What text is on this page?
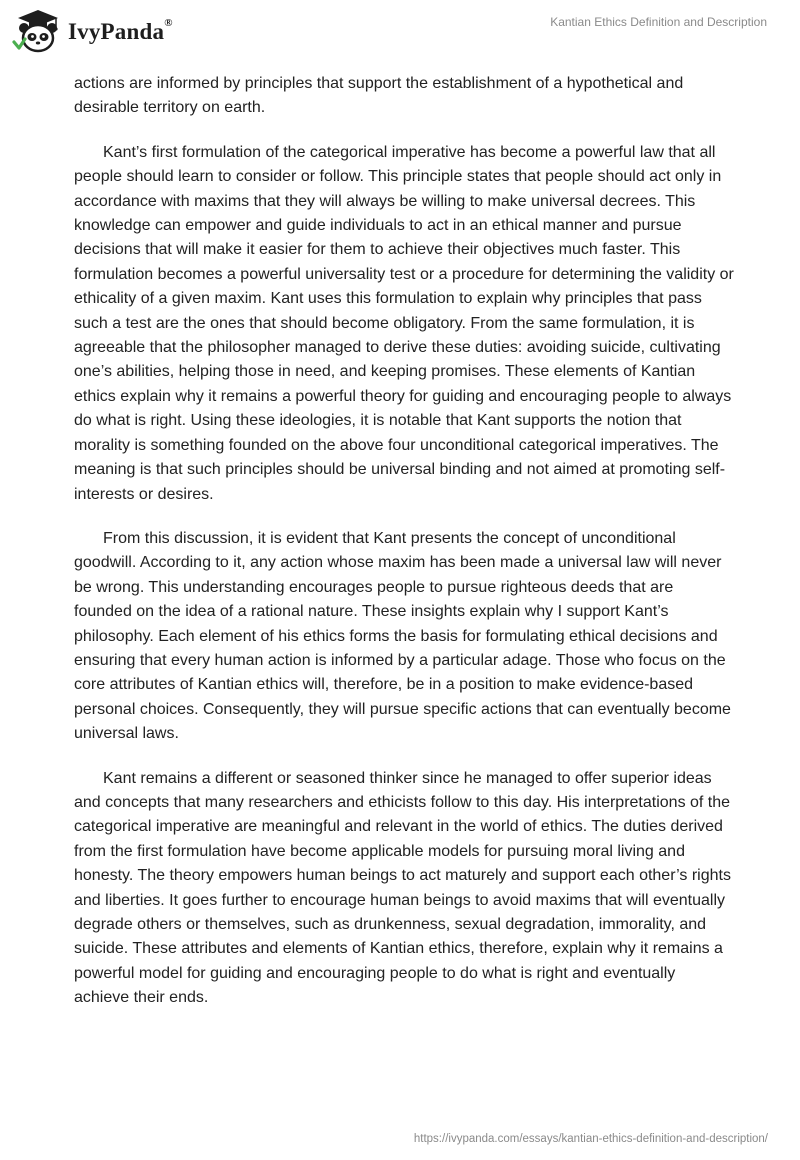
IvyPanda®	Kantian Ethics Definition and Description

actions are informed by principles that support the establishment of a hypothetical and desirable territory on earth.

Kant’s first formulation of the categorical imperative has become a powerful law that all people should learn to consider or follow. This principle states that people should act only in accordance with maxims that they will always be willing to make universal decrees. This knowledge can empower and guide individuals to act in an ethical manner and pursue decisions that will make it easier for them to achieve their objectives much faster. This formulation becomes a powerful universality test or a procedure for determining the validity or ethicality of a given maxim. Kant uses this formulation to explain why principles that pass such a test are the ones that should become obligatory. From the same formulation, it is agreeable that the philosopher managed to derive these duties: avoiding suicide, cultivating one’s abilities, helping those in need, and keeping promises. These elements of Kantian ethics explain why it remains a powerful theory for guiding and encouraging people to always do what is right. Using these ideologies, it is notable that Kant supports the notion that morality is something founded on the above four unconditional categorical imperatives. The meaning is that such principles should be universal binding and not aimed at promoting self-interests or desires.

From this discussion, it is evident that Kant presents the concept of unconditional goodwill. According to it, any action whose maxim has been made a universal law will never be wrong. This understanding encourages people to pursue righteous deeds that are founded on the idea of a rational nature. These insights explain why I support Kant’s philosophy. Each element of his ethics forms the basis for formulating ethical decisions and ensuring that every human action is informed by a particular adage. Those who focus on the core attributes of Kantian ethics will, therefore, be in a position to make evidence-based personal choices. Consequently, they will pursue specific actions that can eventually become universal laws.

Kant remains a different or seasoned thinker since he managed to offer superior ideas and concepts that many researchers and ethicists follow to this day. His interpretations of the categorical imperative are meaningful and relevant in the world of ethics. The duties derived from the first formulation have become applicable models for pursuing moral living and honesty. The theory empowers human beings to act maturely and support each other’s rights and liberties. It goes further to encourage human beings to avoid maxims that will eventually degrade others or themselves, such as drunkenness, sexual degradation, immorality, and suicide. These attributes and elements of Kantian ethics, therefore, explain why it remains a powerful model for guiding and encouraging people to do what is right and eventually achieve their ends.

https://ivypanda.com/essays/kantian-ethics-definition-and-description/
